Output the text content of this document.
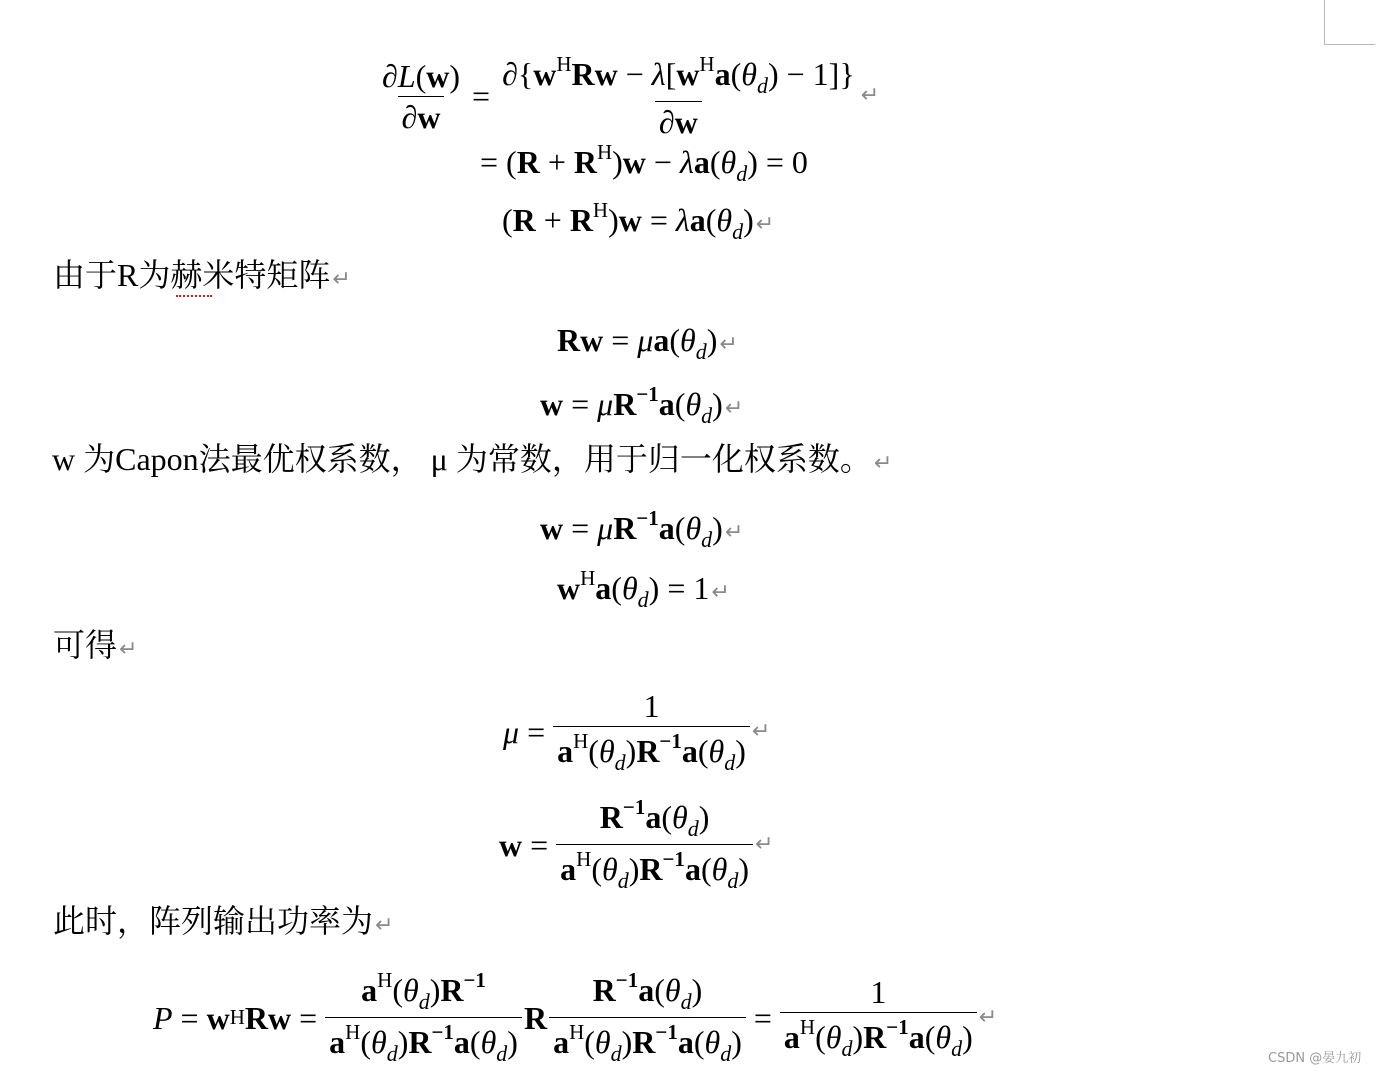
$\frac{\partial L(w)}{\partial w} = \frac{\partial\{w^HRw - \lambda[w^Ha(\theta_d) - 1]\}}{\partial w}$ ↵
= $(R + R^H)w - \lambda a(\theta_d) = 0$
$(R + R^H)w$ = $\lambda a(\theta_d)↵$
由于R为赫米特矩阵↵
$Rw = \mu a(\theta_d)↵$
$w = \mu R^{-1}a(\theta_d)↵$
w 为Capon法最优权系数， μ 为常数，用于归一化权系数。↵
$w = \mu R^{-1}a(\theta_d)↵$
$w^Ha(\theta_d)$ = 1↵
可得↵
$\mu = \frac{1}{a^H(\theta_d)R^{-1}a(\theta_d)}$ ↵
$w = \frac{R^{-1}a(\theta_d)}{a^H(\theta_d)R^{-1}a(\theta_d)}$ ↵
此时，阵列输出功率为↵
P = w H $Rw = \frac{a^H(\theta_d)R^{-1}}{a^H(\theta_d)R^{-1}a(\theta_d)}$ R $\frac{R^{-1}a(\theta_d)}{a^H(\theta_d)R^{-1}a(\theta_d)} = \frac{1}{a^H(\theta_d)R^{-1}a(\theta_d)}$ ↵
CSDN @晏九初
